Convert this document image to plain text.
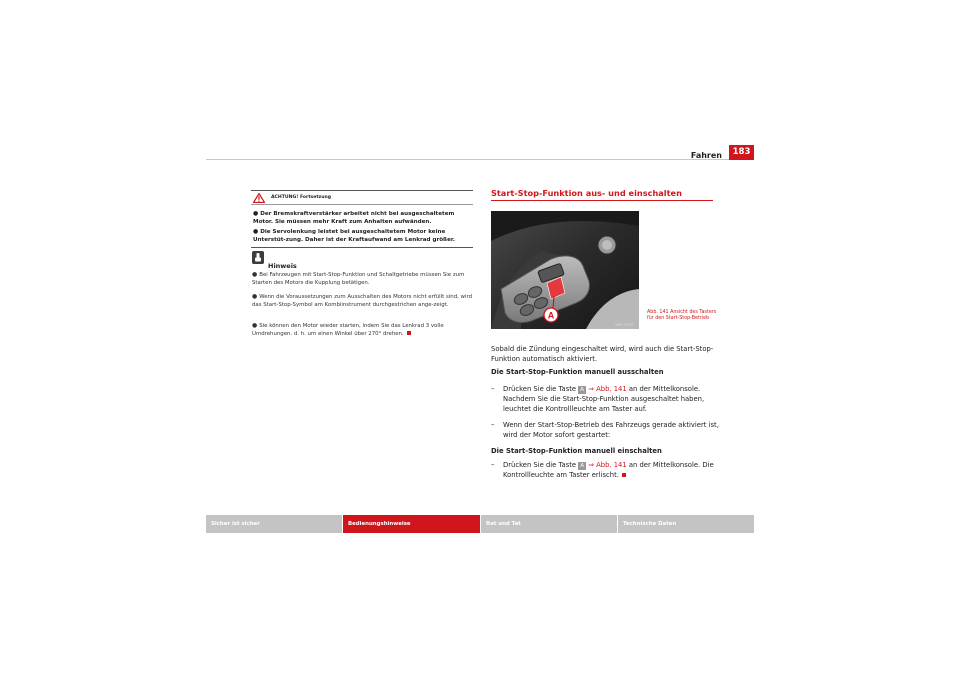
Fahren	183
ACHTUNG! Fortsetzung
● Der Bremskraftverstärker arbeitet nicht bei ausgeschaltetem Motor. Sie müssen mehr Kraft zum Anhalten aufwänden.
● Die Servolenkung leistet bei ausgeschaltetem Motor keine Unterstüt-zung. Daher ist der Kraftaufwand am Lenkrad größer.
Hinweis
● Bei Fahrzeugen mit Start-Stop-Funktion und Schaltgetriebe müssen Sie zum Starten des Motors die Kupplung betätigen.
● Wenn die Voraussetzungen zum Ausschalten des Motors nicht erfüllt sind, wird das Start-Stop-Symbol am Kombiinstrument durchgestrichen ange-zeigt.
● Sie können den Motor wieder starten, indem Sie das Lenkrad 3 volle Umdrehungen. d. h. um einen Winkel über 270° drehen.
Start-Stop-Funktion aus- und einschalten
A
B5F-0073
Abb. 141 Ansicht des Tasters für den Start-Stop-Betrieb
Sobald die Zündung eingeschaltet wird, wird auch die Start-Stop-Funktion automatisch aktiviert.
Die Start-Stop-Funktion manuell ausschalten
– Drücken Sie die Taste A ⇒ Abb. 141 an der Mittelkonsole. Nachdem Sie die Start-Stop-Funktion ausgeschaltet haben, leuchtet die Kontrollleuchte am Taster auf.
– Wenn der Start-Stop-Betrieb des Fahrzeugs gerade aktiviert ist, wird der Motor sofort gestartet:
Die Start-Stop-Funktion manuell einschalten
– Drücken Sie die Taste A ⇒ Abb. 141 an der Mittelkonsole. Die Kontrollleuchte am Taster erlischt.
Sicher ist sicher	Bedienungshinweise	Rat und Tat	Technische Daten
